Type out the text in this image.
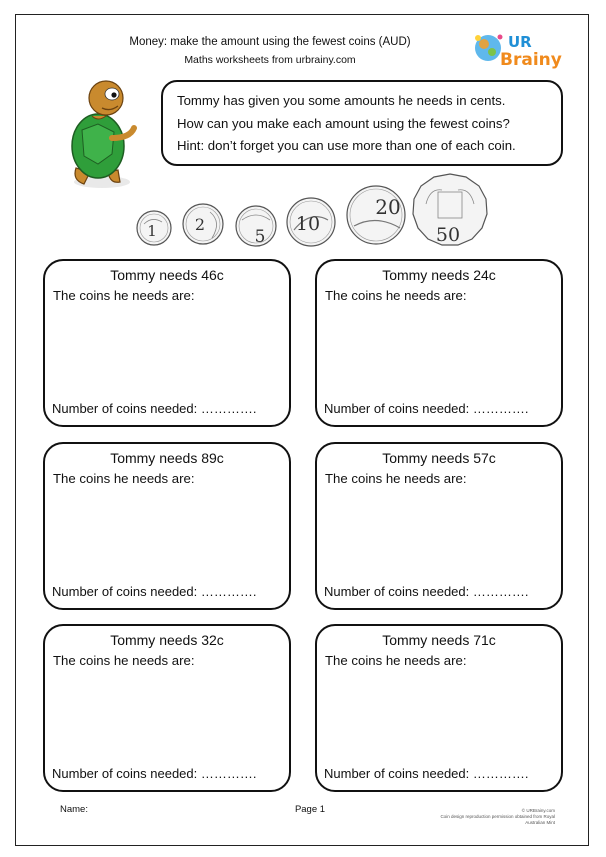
Money: make the amount using the fewest coins (AUD)
Maths worksheets from urbrainy.com
UR
Brainy

Tommy has given you some amounts he needs in cents.

How can you make each amount using the fewest coins?

Hint: don’t forget you can use more than one of each coin.

1 2
5
10
20
50
Tommy needs 46c
The coins he needs are:
Number of coins needed: ………….
Tommy needs 24c
The coins he needs are:
Number of coins needed: ………….
Tommy needs 89c
The coins he needs are:
Number of coins needed: ………….
Tommy needs 57c
The coins he needs are:
Number of coins needed: ………….
Tommy needs 32c
The coins he needs are:
Number of coins needed: ………….
Tommy needs 71c
The coins he needs are:
Number of coins needed: ………….
Name:	Page 1	© URBrainy.com
Coin design reproduction permission obtained from Royal Australian Mint
